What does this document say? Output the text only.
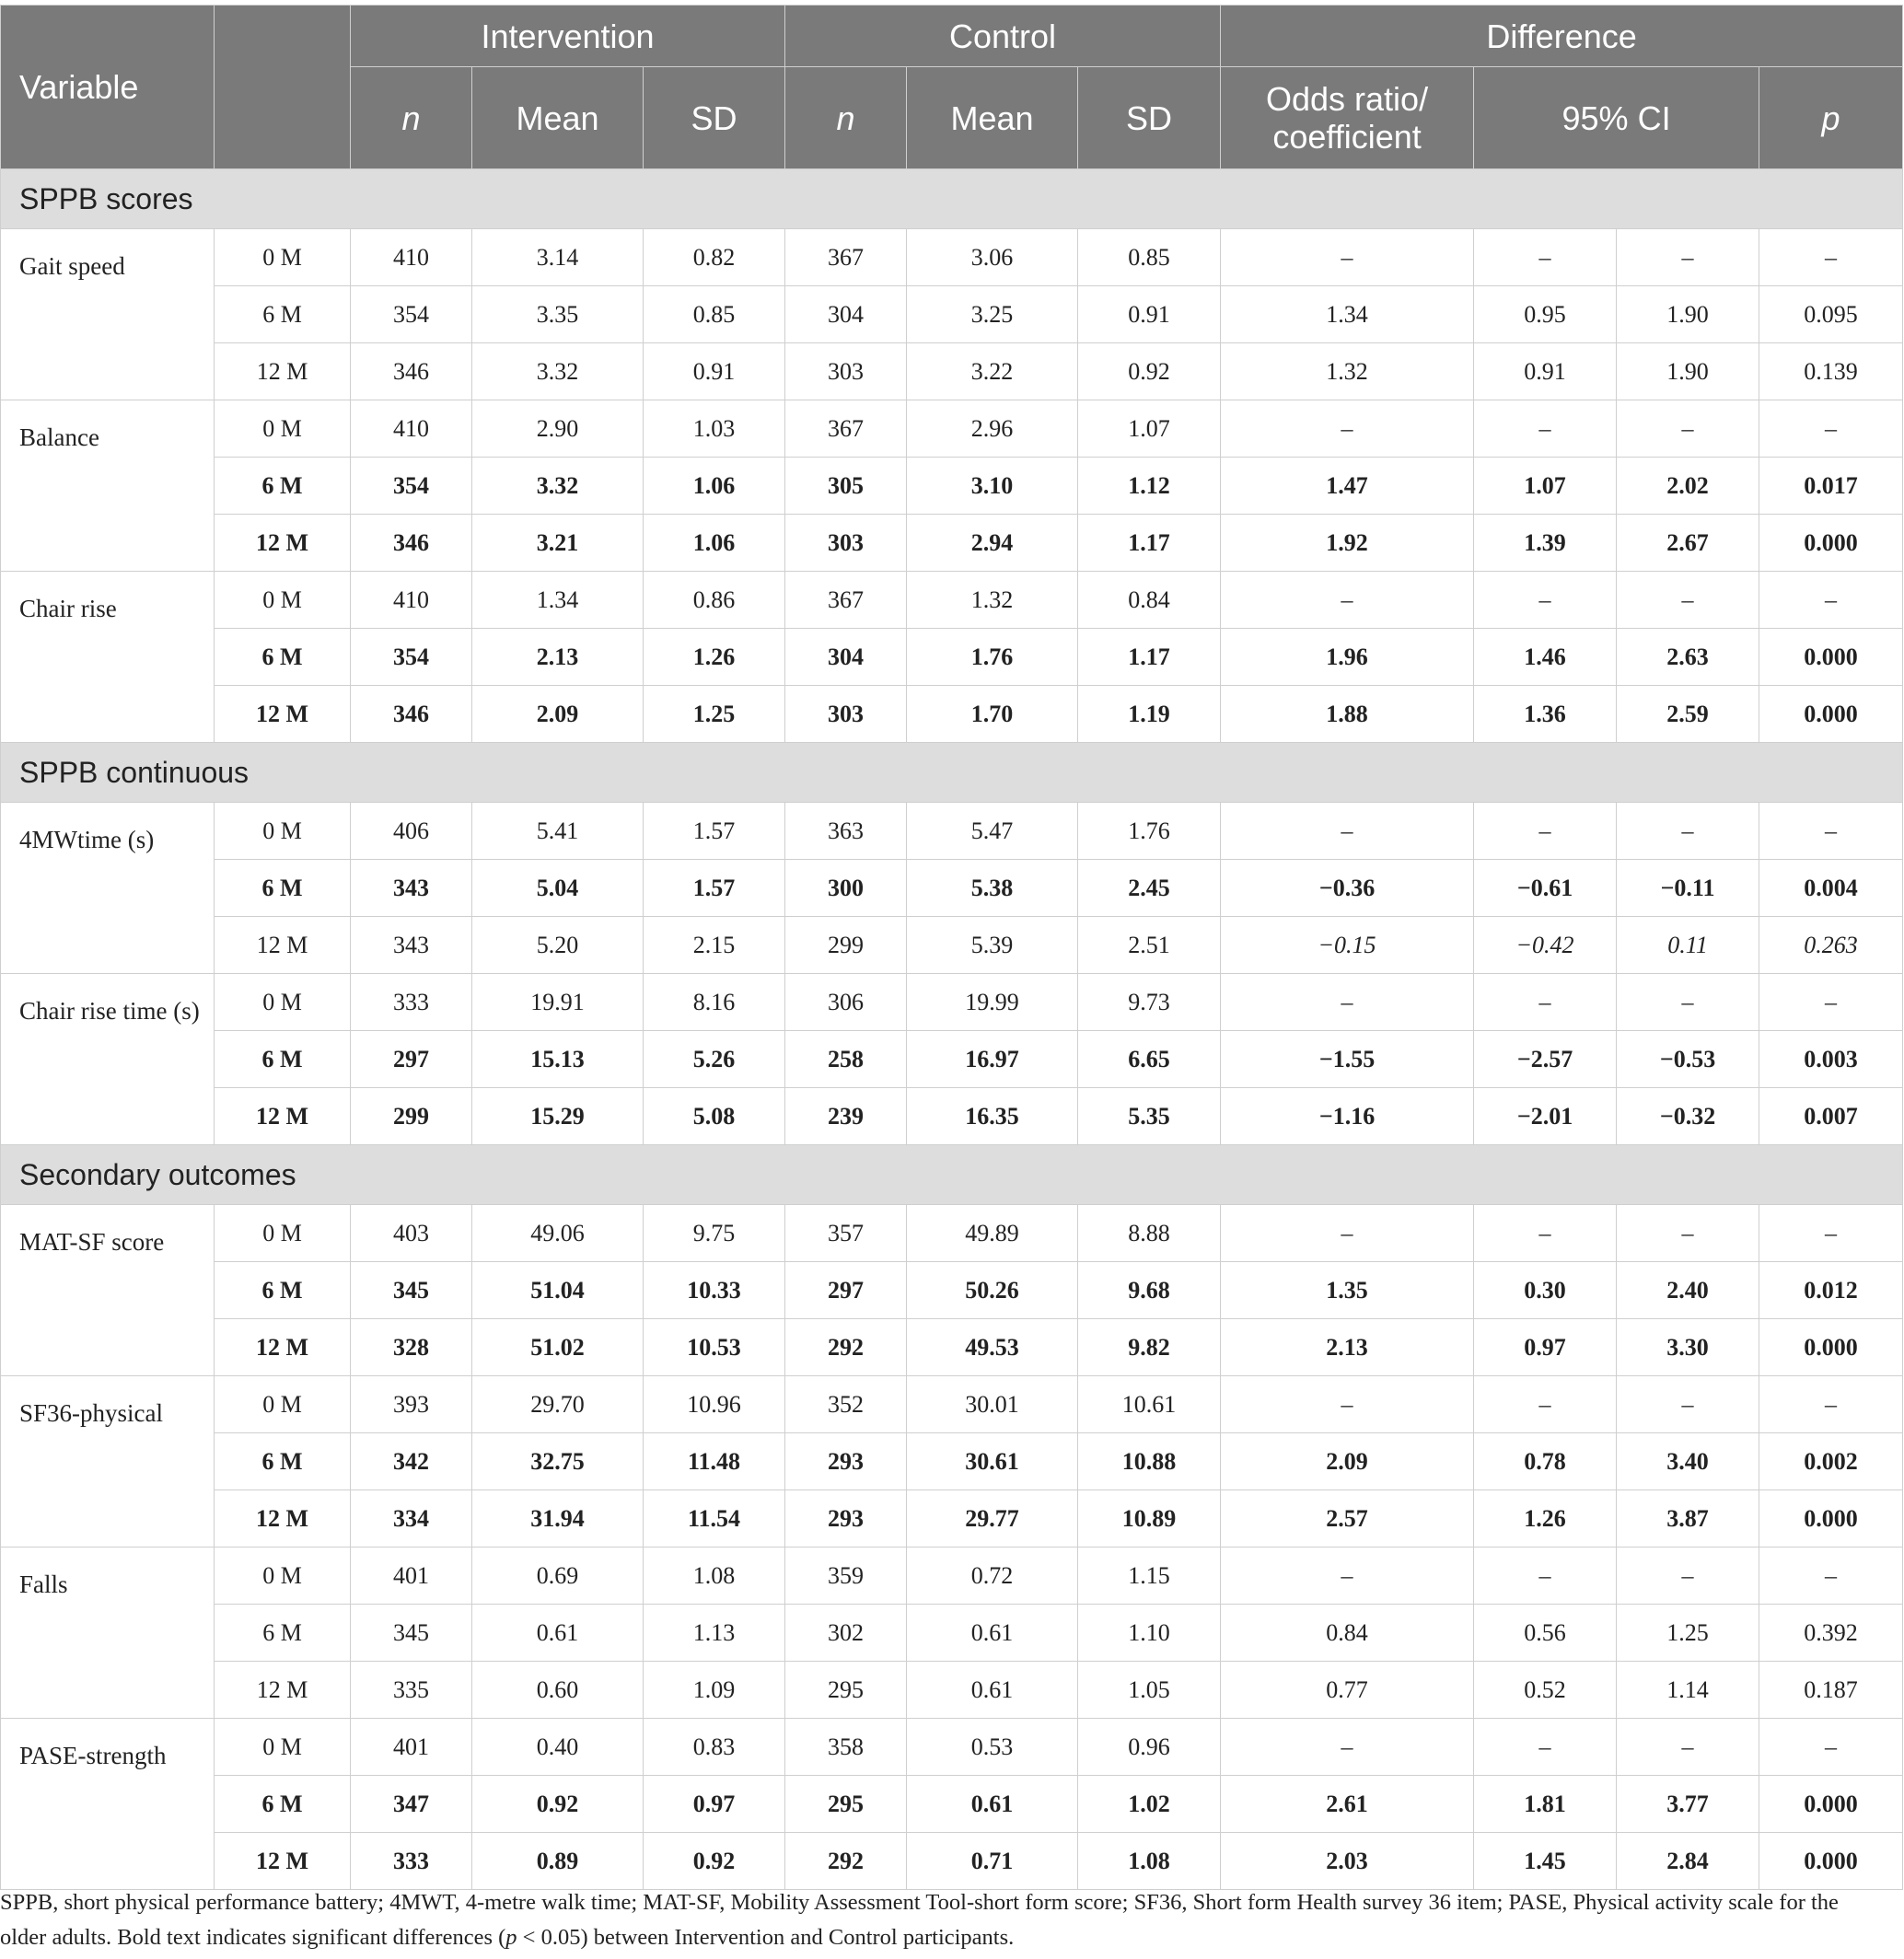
Variable		Intervention			Control			Difference			
		n	Mean	SD	n	Mean	SD	Odds ratio/ coefficient	95% CI		p
SPPB scores											
Gait speed	0 M	410	3.14	0.82	367	3.06	0.85	–	–	–	–
	6 M	354	3.35	0.85	304	3.25	0.91	1.34	0.95	1.90	0.095
	12 M	346	3.32	0.91	303	3.22	0.92	1.32	0.91	1.90	0.139
Balance	0 M	410	2.90	1.03	367	2.96	1.07	–	–	–	–
	6 M	354	3.32	1.06	305	3.10	1.12	1.47	1.07	2.02	0.017
	12 M	346	3.21	1.06	303	2.94	1.17	1.92	1.39	2.67	0.000
Chair rise	0 M	410	1.34	0.86	367	1.32	0.84	–	–	–	–
	6 M	354	2.13	1.26	304	1.76	1.17	1.96	1.46	2.63	0.000
	12 M	346	2.09	1.25	303	1.70	1.19	1.88	1.36	2.59	0.000
SPPB continuous											
4MWtime (s)	0 M	406	5.41	1.57	363	5.47	1.76	–	–	–	–
	6 M	343	5.04	1.57	300	5.38	2.45	−0.36	−0.61	−0.11	0.004
	12 M	343	5.20	2.15	299	5.39	2.51	−0.15	−0.42	0.11	0.263
Chair rise time (s)	0 M	333	19.91	8.16	306	19.99	9.73	–	–	–	–
	6 M	297	15.13	5.26	258	16.97	6.65	−1.55	−2.57	−0.53	0.003
	12 M	299	15.29	5.08	239	16.35	5.35	−1.16	−2.01	−0.32	0.007
Secondary outcomes											
MAT-SF score	0 M	403	49.06	9.75	357	49.89	8.88	–	–	–	–
	6 M	345	51.04	10.33	297	50.26	9.68	1.35	0.30	2.40	0.012
	12 M	328	51.02	10.53	292	49.53	9.82	2.13	0.97	3.30	0.000
SF36-physical	0 M	393	29.70	10.96	352	30.01	10.61	–	–	–	–
	6 M	342	32.75	11.48	293	30.61	10.88	2.09	0.78	3.40	0.002
	12 M	334	31.94	11.54	293	29.77	10.89	2.57	1.26	3.87	0.000
Falls	0 M	401	0.69	1.08	359	0.72	1.15	–	–	–	–
	6 M	345	0.61	1.13	302	0.61	1.10	0.84	0.56	1.25	0.392
	12 M	335	0.60	1.09	295	0.61	1.05	0.77	0.52	1.14	0.187
PASE-strength	0 M	401	0.40	0.83	358	0.53	0.96	–	–	–	–
	6 M	347	0.92	0.97	295	0.61	1.02	2.61	1.81	3.77	0.000
	12 M	333	0.89	0.92	292	0.71	1.08	2.03	1.45	2.84	0.000
SPPB, short physical performance battery; 4MWT, 4-metre walk time; MAT-SF, Mobility Assessment Tool-short form score; SF36, Short form Health survey 36 item; PASE, Physical activity scale for the older adults. Bold text indicates significant differences (p < 0.05) between Intervention and Control participants.
